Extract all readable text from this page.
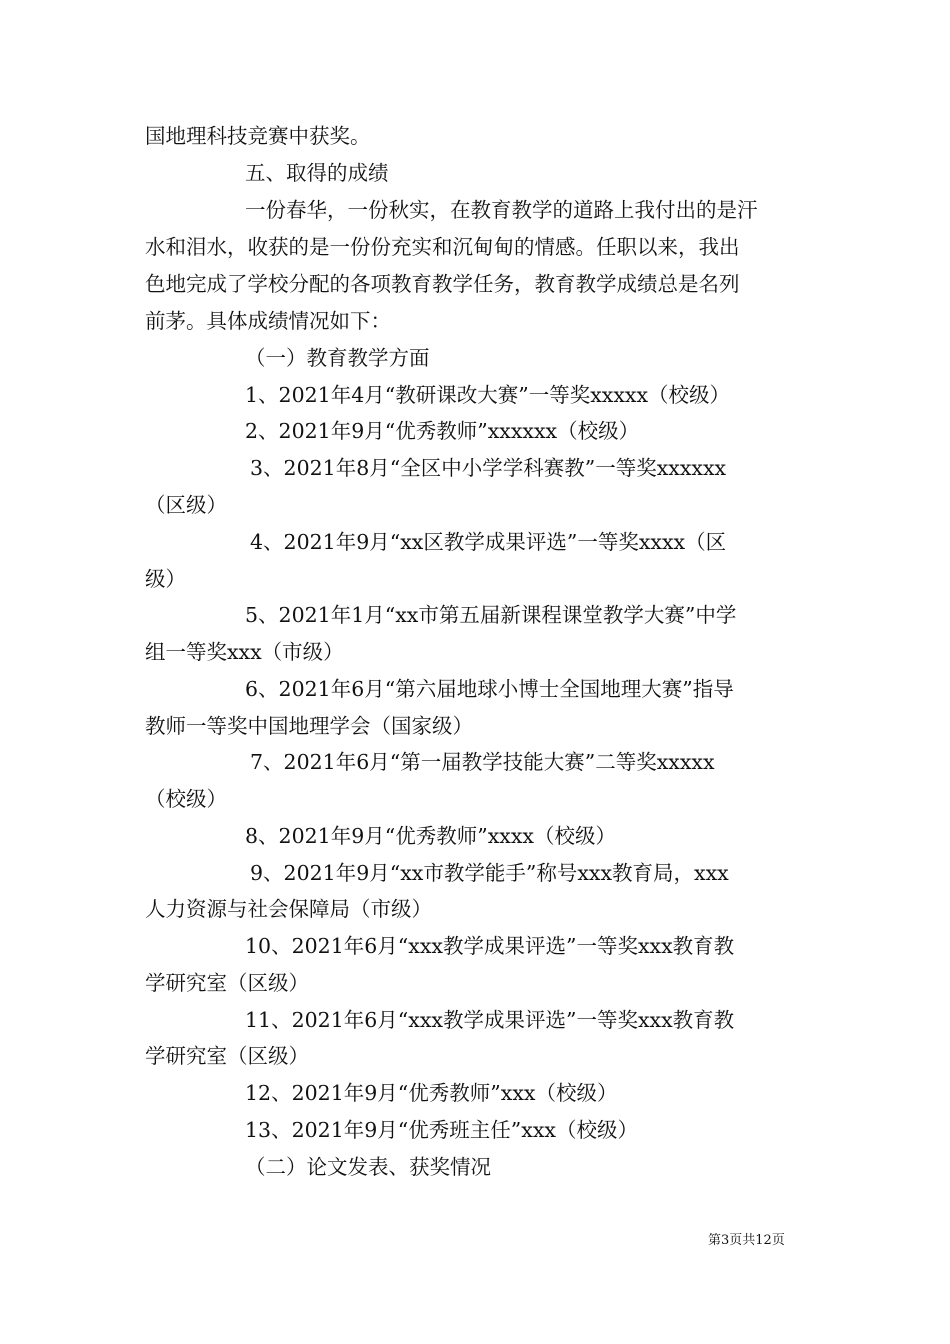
国地理科技竞赛中获奖。
五、取得的成绩
一份春华，一份秋实，在教育教学的道路上我付出的是汗
水和泪水，收获的是一份份充实和沉甸甸的情感。任职以来，我出
色地完成了学校分配的各项教育教学任务，教育教学成绩总是名列
前茅。具体成绩情况如下：
（一）教育教学方面
1、2021年4月“教研课改大赛”一等奖xxxxx（校级）
2、2021年9月“优秀教师”xxxxxx（校级）
3、2021年8月“全区中小学学科赛教”一等奖xxxxxx
（区级）
4、2021年9月“xx区教学成果评选”一等奖xxxx（区
级）
5、2021年1月“xx市第五届新课程课堂教学大赛”中学
组一等奖xxx（市级）
6、2021年6月“第六届地球小博士全国地理大赛”指导
教师一等奖中国地理学会（国家级）
7、2021年6月“第一届教学技能大赛”二等奖xxxxx
（校级）
8、2021年9月“优秀教师”xxxx（校级）
9、2021年9月“xx市教学能手”称号xxx教育局，xxx
人力资源与社会保障局（市级）
10、2021年6月“xxx教学成果评选”一等奖xxx教育教
学研究室（区级）
11、2021年6月“xxx教学成果评选”一等奖xxx教育教
学研究室（区级）
12、2021年9月“优秀教师”xxx（校级）
13、2021年9月“优秀班主任”xxx（校级）
（二）论文发表、获奖情况
第3页共12页
